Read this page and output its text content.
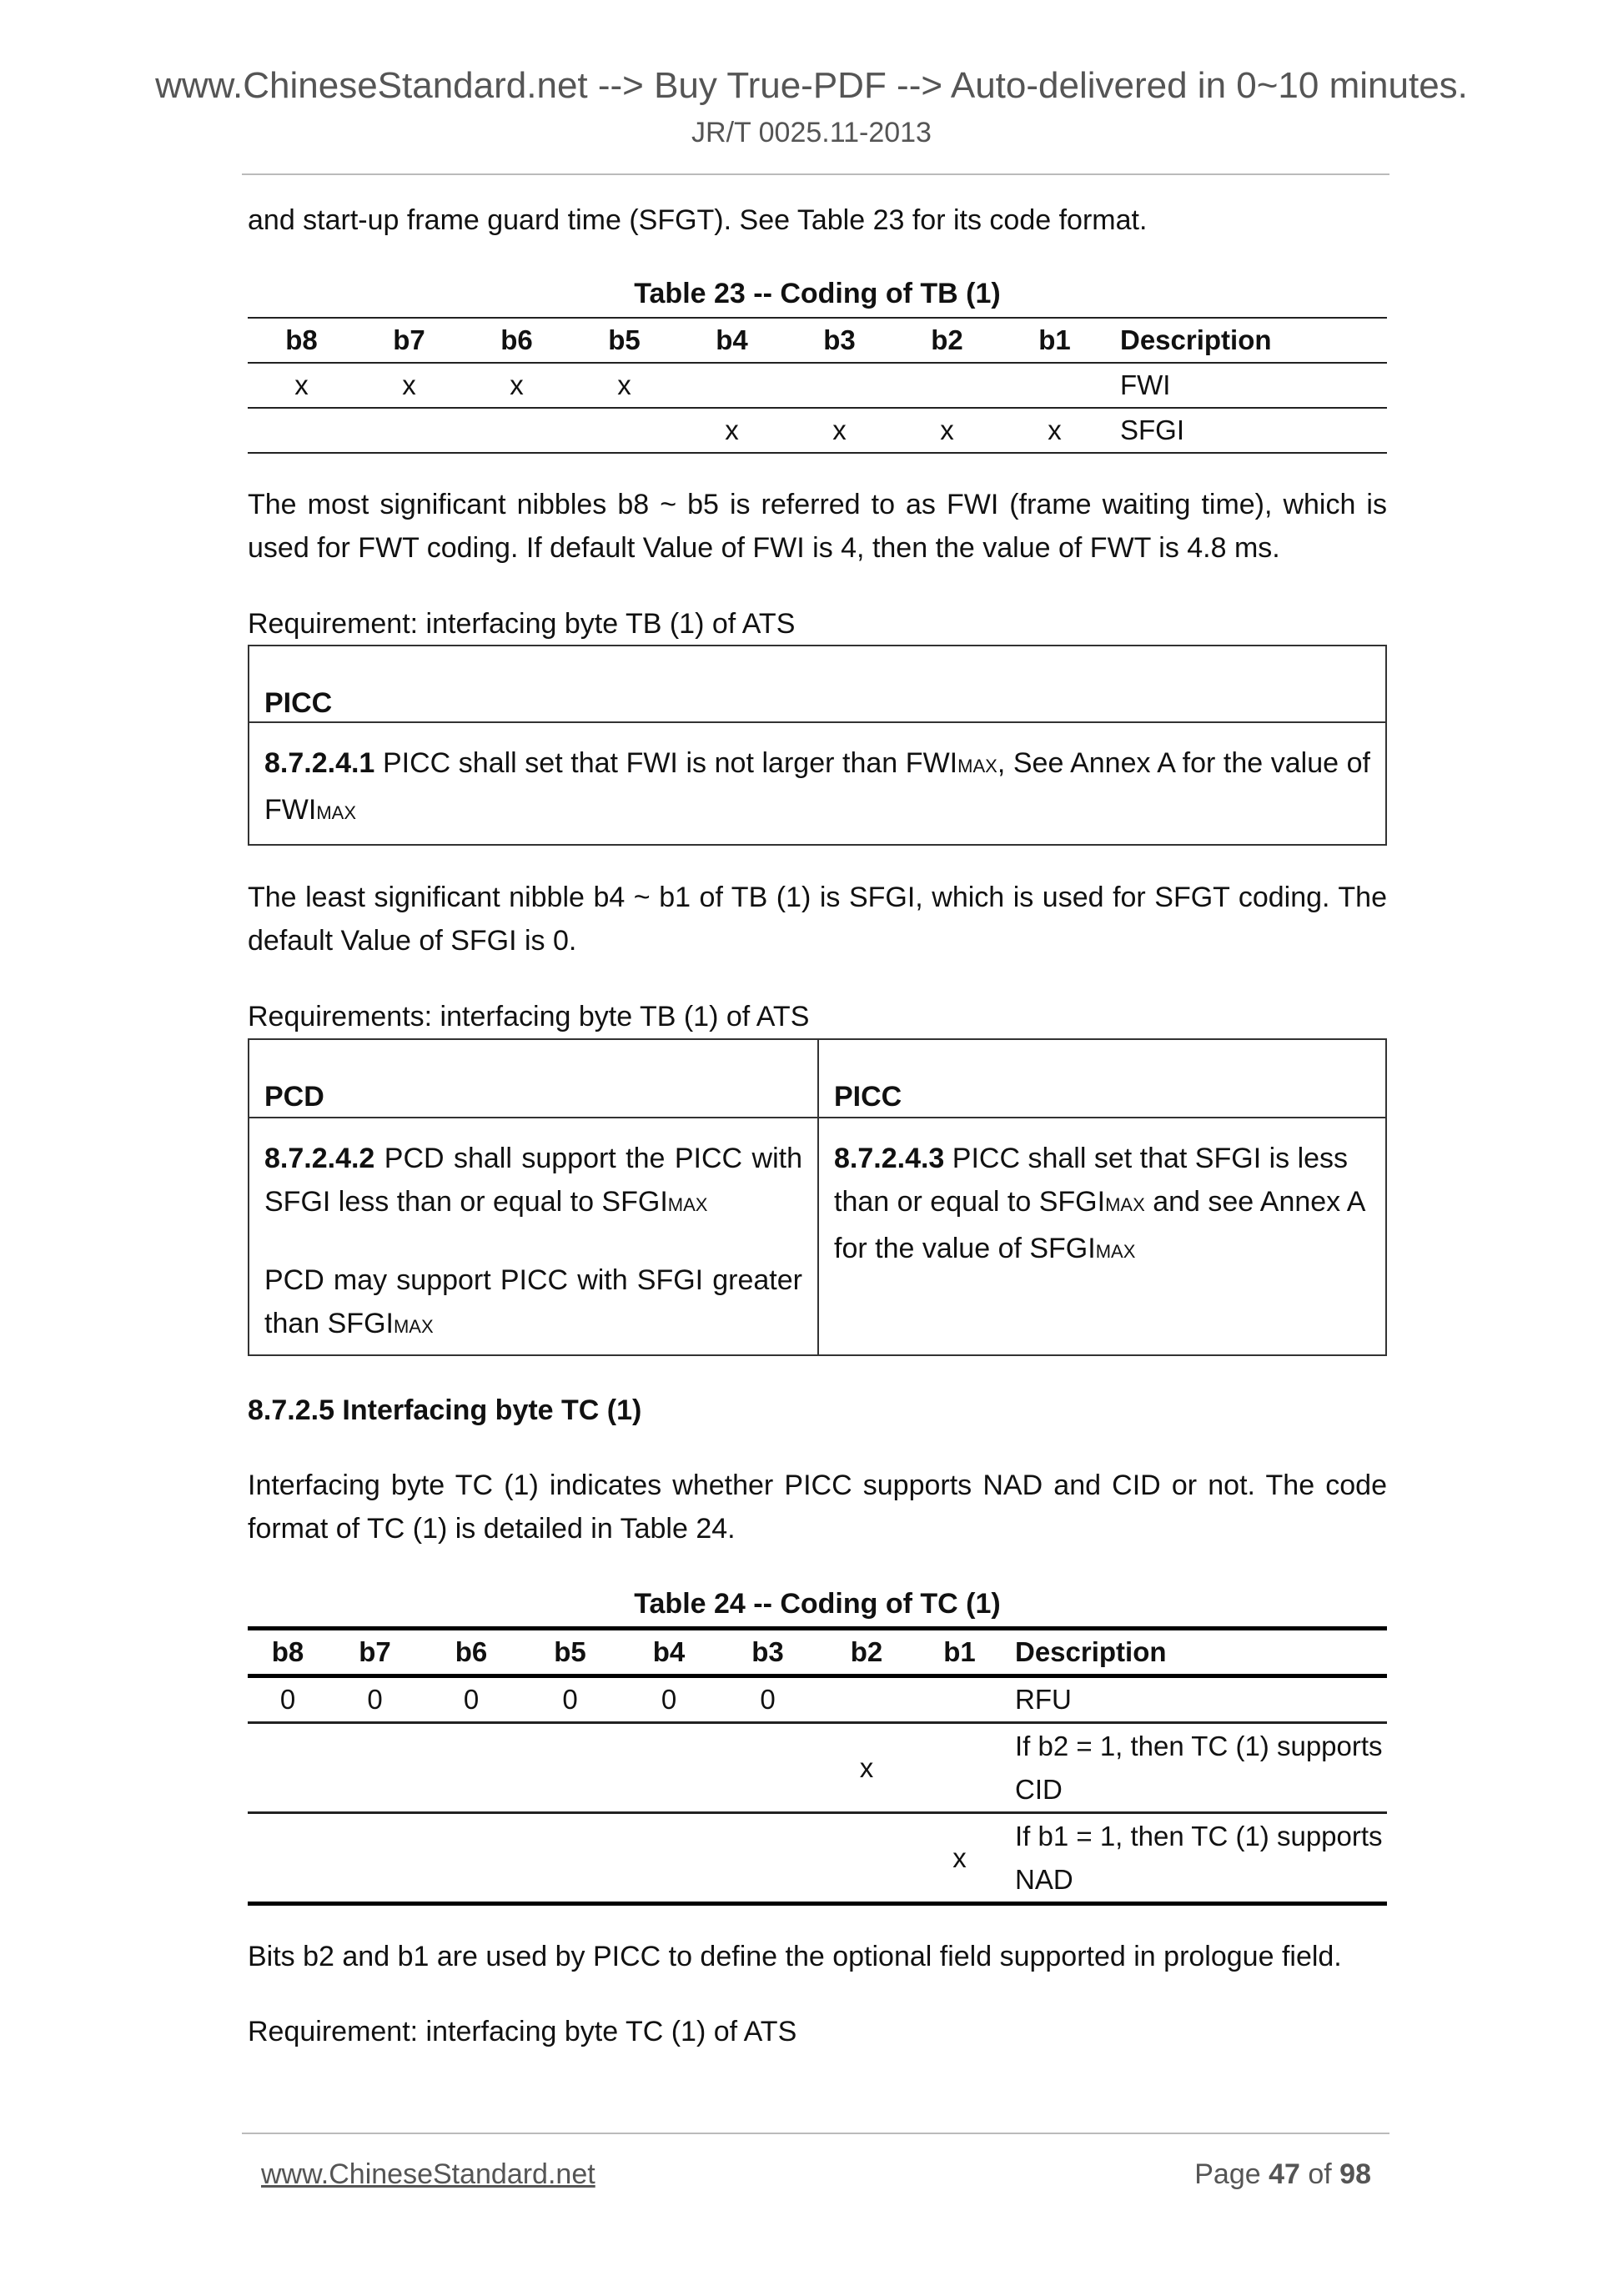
www.ChineseStandard.net --> Buy True-PDF --> Auto-delivered in 0~10 minutes.
JR/T 0025.11-2013
and start-up frame guard time (SFGT). See Table 23 for its code format.
Table 23 -- Coding of TB (1)
b8	b7	b6	b5	b4	b3	b2	b1	Description
x	x	x	x					FWI
				x	x	x	x	SFGI
The most significant nibbles b8 ~ b5 is referred to as FWI (frame waiting time), which is used for FWT coding. If default Value of FWI is 4, then the value of FWT is 4.8 ms.
Requirement: interfacing byte TB (1) of ATS
PICC
8.7.2.4.1 PICC shall set that FWI is not larger than FWIMAX, See Annex A for the value of FWIMAX
The least significant nibble b4 ~ b1 of TB (1) is SFGI, which is used for SFGT coding. The default Value of SFGI is 0.
Requirements: interfacing byte TB (1) of ATS
PCD
8.7.2.4.2 PCD shall support the PICC with SFGI less than or equal to SFGIMAX
PCD may support PICC with SFGI greater than SFGIMAX
PICC
8.7.2.4.3 PICC shall set that SFGI is less than or equal to SFGIMAX and see Annex A for the value of SFGIMAX
8.7.2.5 Interfacing byte TC (1)
Interfacing byte TC (1) indicates whether PICC supports NAD and CID or not. The code format of TC (1) is detailed in Table 24.
Table 24 -- Coding of TC (1)
b8	b7	b6	b5	b4	b3	b2	b1	Description
0	0	0	0	0	0			RFU
						x		If b2 = 1, then TC (1) supports CID
							x	If b1 = 1, then TC (1) supports NAD
Bits b2 and b1 are used by PICC to define the optional field supported in prologue field.
Requirement: interfacing byte TC (1) of ATS
www.ChineseStandard.net	Page 47 of 98
